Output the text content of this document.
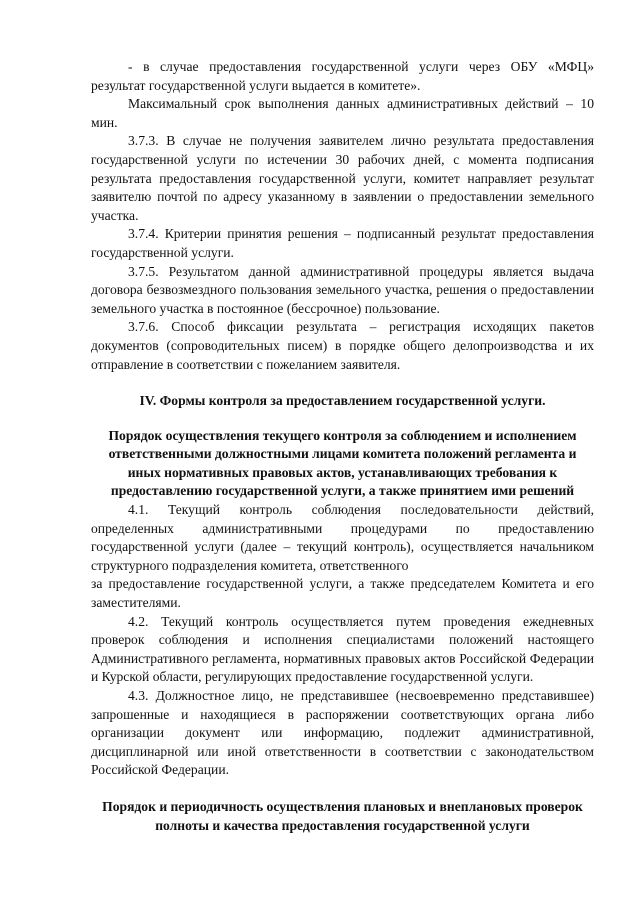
- в случае предоставления государственной услуги через ОБУ «МФЦ» результат государственной услуги выдается в комитете».

Максимальный срок выполнения данных административных действий – 10 мин.

3.7.3. В случае не получения заявителем лично результата предоставления государственной услуги по истечении 30 рабочих дней, с момента подписания результата предоставления государственной услуги, комитет направляет результат заявителю почтой по адресу указанному в заявлении о предоставлении земельного участка.

3.7.4. Критерии принятия решения – подписанный результат предоставления государственной услуги.

3.7.5. Результатом данной административной процедуры является выдача договора безвозмездного пользования земельного участка, решения о предоставлении земельного участка в постоянное (бессрочное) пользование.

3.7.6. Способ фиксации результата – регистрация исходящих пакетов документов (сопроводительных писем) в порядке общего делопроизводства и их отправление в соответствии с пожеланием заявителя.

IV. Формы контроля за предоставлением государственной услуги.

Порядок осуществления текущего контроля за соблюдением и исполнением ответственными должностными лицами комитета положений регламента и иных нормативных правовых актов, устанавливающих требования к предоставлению государственной услуги, а также принятием ими решений

4.1. Текущий контроль соблюдения последовательности действий, определенных административными процедурами по предоставлению государственной услуги (далее – текущий контроль), осуществляется начальником структурного подразделения комитета, ответственного

за предоставление государственной услуги, а также председателем Комитета и его заместителями.

4.2. Текущий контроль осуществляется путем проведения ежедневных проверок соблюдения и исполнения специалистами положений настоящего Административного регламента, нормативных правовых актов Российской Федерации и Курской области, регулирующих предоставление государственной услуги.

4.3. Должностное лицо, не представившее (несвоевременно представившее) запрошенные и находящиеся в распоряжении соответствующих органа либо организации документ или информацию, подлежит административной, дисциплинарной или иной ответственности в соответствии с законодательством Российской Федерации.

Порядок и периодичность осуществления плановых и внеплановых проверок полноты и качества предоставления государственной услуги
